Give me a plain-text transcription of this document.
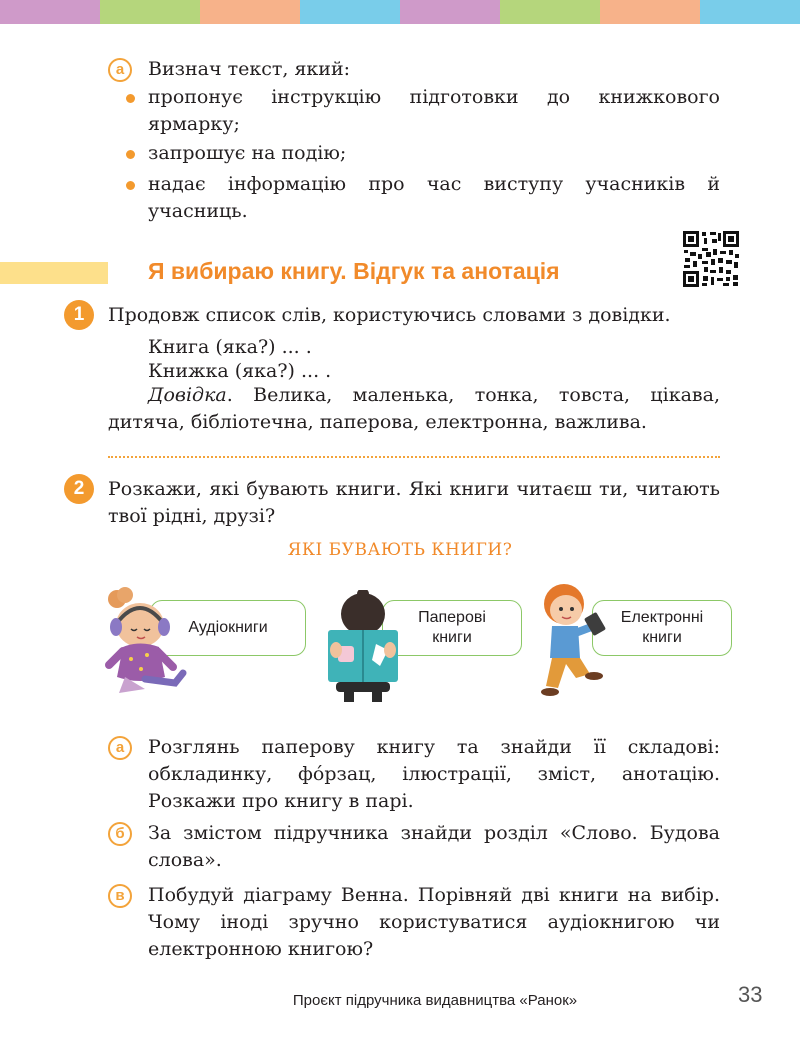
а	Визнач текст, який:
пропонує інструкцію підготовки до книжкового ярмарку;
запрошує на подію;
надає інформацію про час виступу учасників й учасниць.
Я вибираю книгу. Відгук та анотація
1	Продовж список слів, користуючись словами з довідки.
Книга (яка?) ... .
Книжка (яка?) ... .
Довідка. Велика, маленька, тонка, товста, цікава, дитяча, бібліотечна, паперова, електронна, важлива.
2	Розкажи, які бувають книги. Які книги читаєш ти, читають твої рідні, друзі?
ЯКІ БУВАЮТЬ КНИГИ?
Аудіокниги
Паперові
книги
Електронні
книги
а	Розглянь паперову книгу та знайди її складові: обкладинку, фо́рзац, ілюстрації, зміст, анотацію. Розкажи про книгу в парі.
б	За змістом підручника знайди розділ «Слово. Будова слова».
в	Побудуй діаграму Венна. Порівняй дві книги на вибір. Чому іноді зручно користуватися аудіокнигою чи електронною книгою?
Проєкт підручника видавництва «Ранок»	33
